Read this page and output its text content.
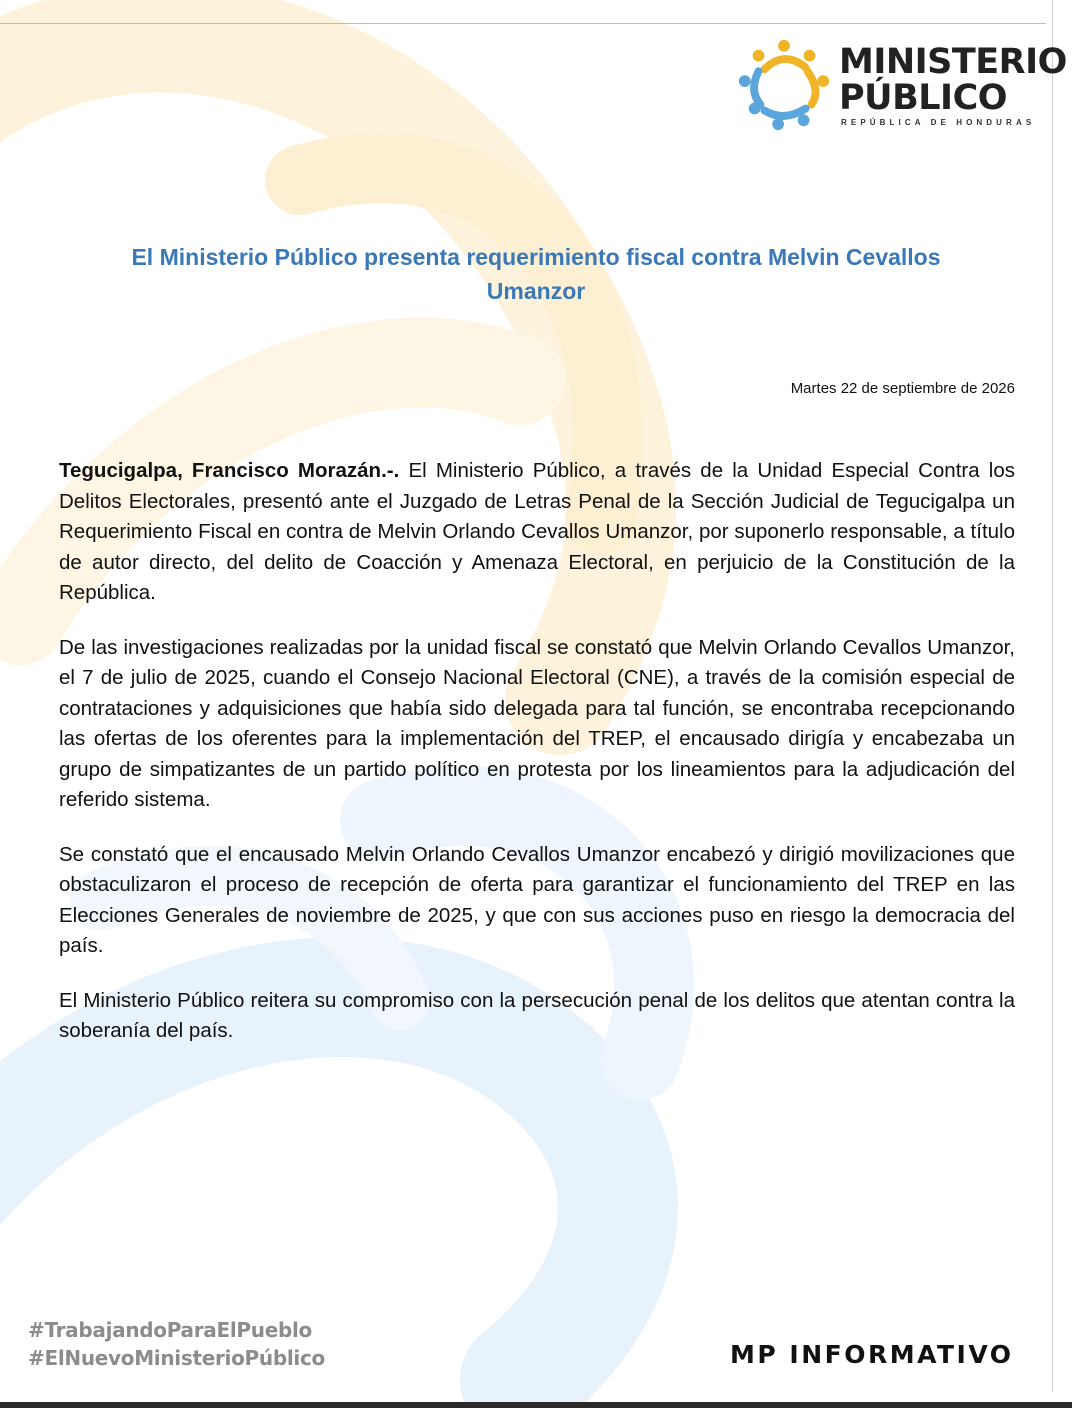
MINISTERIO
PÚBLICO
REPÚBLICA DE HONDURAS
El Ministerio Público presenta requerimiento fiscal contra Melvin Cevallos Umanzor
Martes 22 de septiembre de 2026

Tegucigalpa, Francisco Morazán.-. El Ministerio Público, a través de la Unidad Especial Contra los Delitos Electorales, presentó ante el Juzgado de Letras Penal de la Sección Judicial de Tegucigalpa un Requerimiento Fiscal en contra de Melvin Orlando Cevallos Umanzor, por suponerlo responsable, a título de autor directo, del delito de Coacción y Amenaza Electoral, en perjuicio de la Constitución de la República.

De las investigaciones realizadas por la unidad fiscal se constató que Melvin Orlando Cevallos Umanzor, el 7 de julio de 2025, cuando el Consejo Nacional Electoral (CNE), a través de la comisión especial de contrataciones y adquisiciones que había sido delegada para tal función, se encontraba recepcionando las ofertas de los oferentes para la implementación del TREP, el encausado dirigía y encabezaba un grupo de simpatizantes de un partido político en protesta por los lineamientos para la adjudicación del referido sistema.

Se constató que el encausado Melvin Orlando Cevallos Umanzor encabezó y dirigió movilizaciones que obstaculizaron el proceso de recepción de oferta para garantizar el funcionamiento del TREP en las Elecciones Generales de noviembre de 2025, y que con sus acciones puso en riesgo la democracia del país.

El Ministerio Público reitera su compromiso con la persecución penal de los delitos que atentan contra la soberanía del país.

#TrabajandoParaElPueblo
#ElNuevoMinisterioPúblico	MP INFORMATIVO
